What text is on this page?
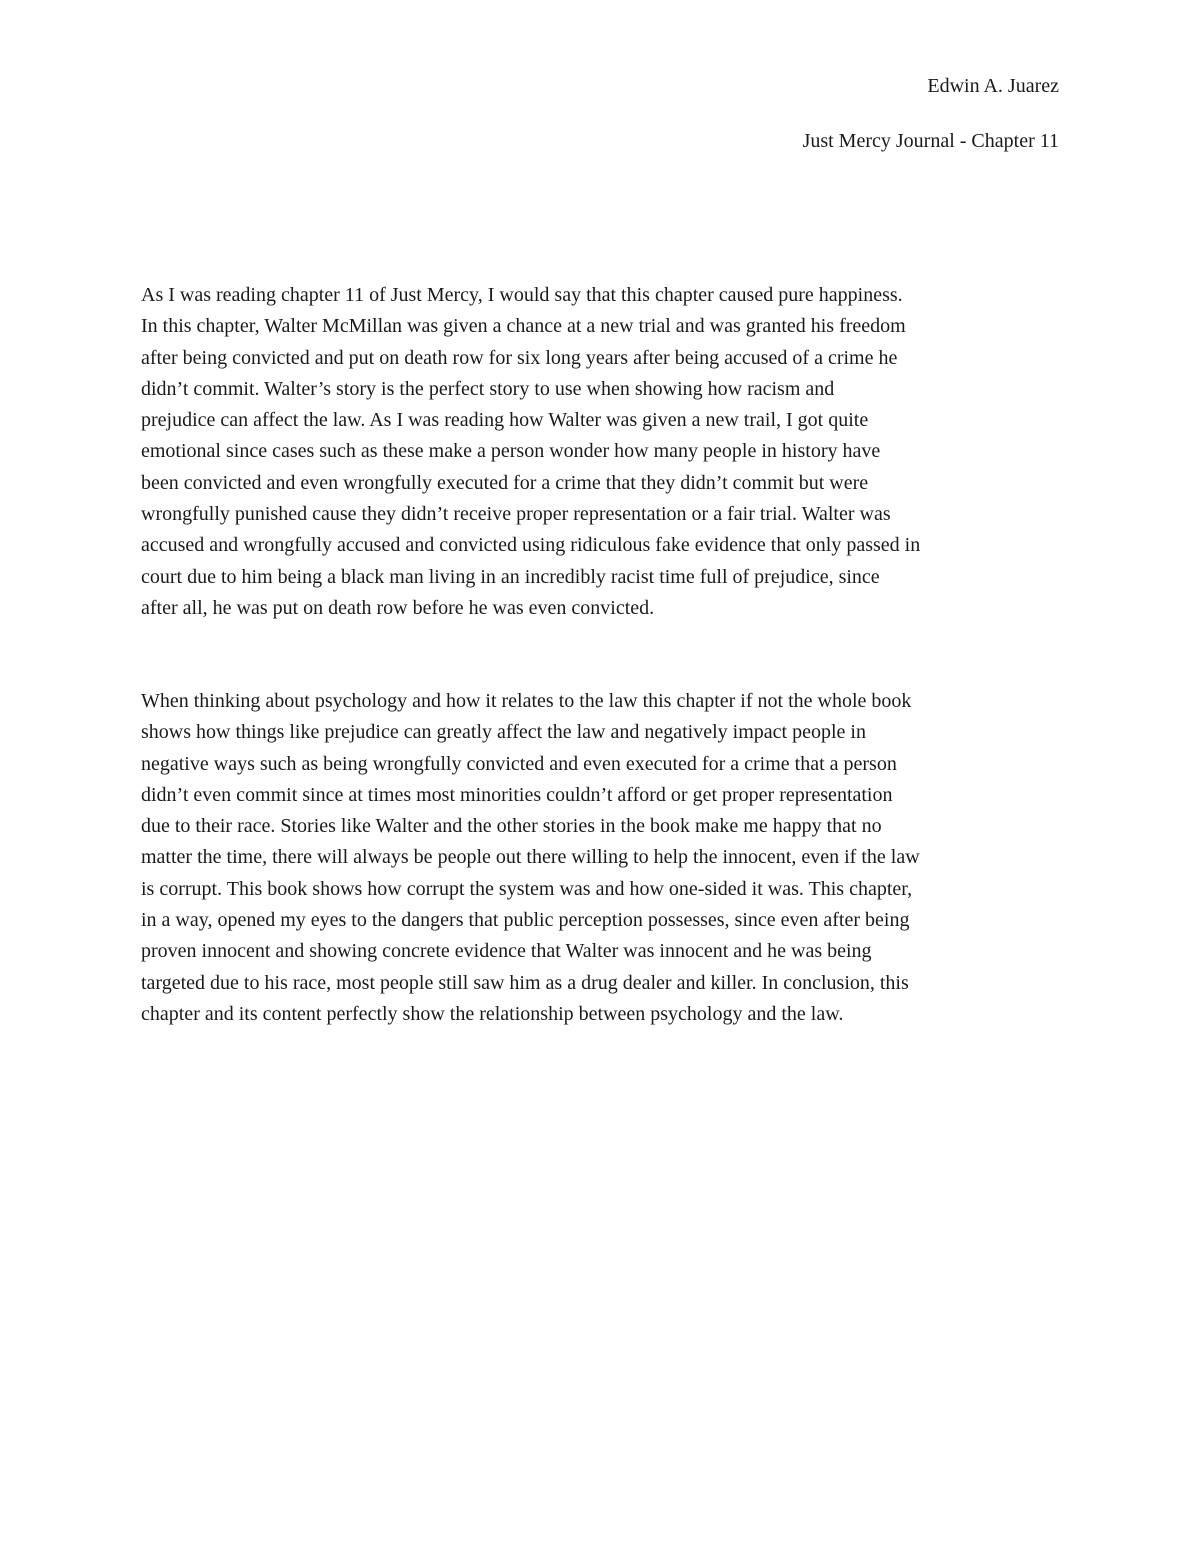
Edwin A. Juarez
Just Mercy Journal - Chapter 11
As I was reading chapter 11 of Just Mercy, I would say that this chapter caused pure happiness.
In this chapter, Walter McMillan was given a chance at a new trial and was granted his freedom
after being convicted and put on death row for six long years after being accused of a crime he
didn’t commit. Walter’s story is the perfect story to use when showing how racism and
prejudice can affect the law. As I was reading how Walter was given a new trail, I got quite
emotional since cases such as these make a person wonder how many people in history have
been convicted and even wrongfully executed for a crime that they didn’t commit but were
wrongfully punished cause they didn’t receive proper representation or a fair trial. Walter was
accused and wrongfully accused and convicted using ridiculous fake evidence that only passed in
court due to him being a black man living in an incredibly racist time full of prejudice, since
after all, he was put on death row before he was even convicted.
When thinking about psychology and how it relates to the law this chapter if not the whole book
shows how things like prejudice can greatly affect the law and negatively impact people in
negative ways such as being wrongfully convicted and even executed for a crime that a person
didn’t even commit since at times most minorities couldn’t afford or get proper representation
due to their race. Stories like Walter and the other stories in the book make me happy that no
matter the time, there will always be people out there willing to help the innocent, even if the law
is corrupt. This book shows how corrupt the system was and how one-sided it was. This chapter,
in a way, opened my eyes to the dangers that public perception possesses, since even after being
proven innocent and showing concrete evidence that Walter was innocent and he was being
targeted due to his race, most people still saw him as a drug dealer and killer. In conclusion, this
chapter and its content perfectly show the relationship between psychology and the law.
